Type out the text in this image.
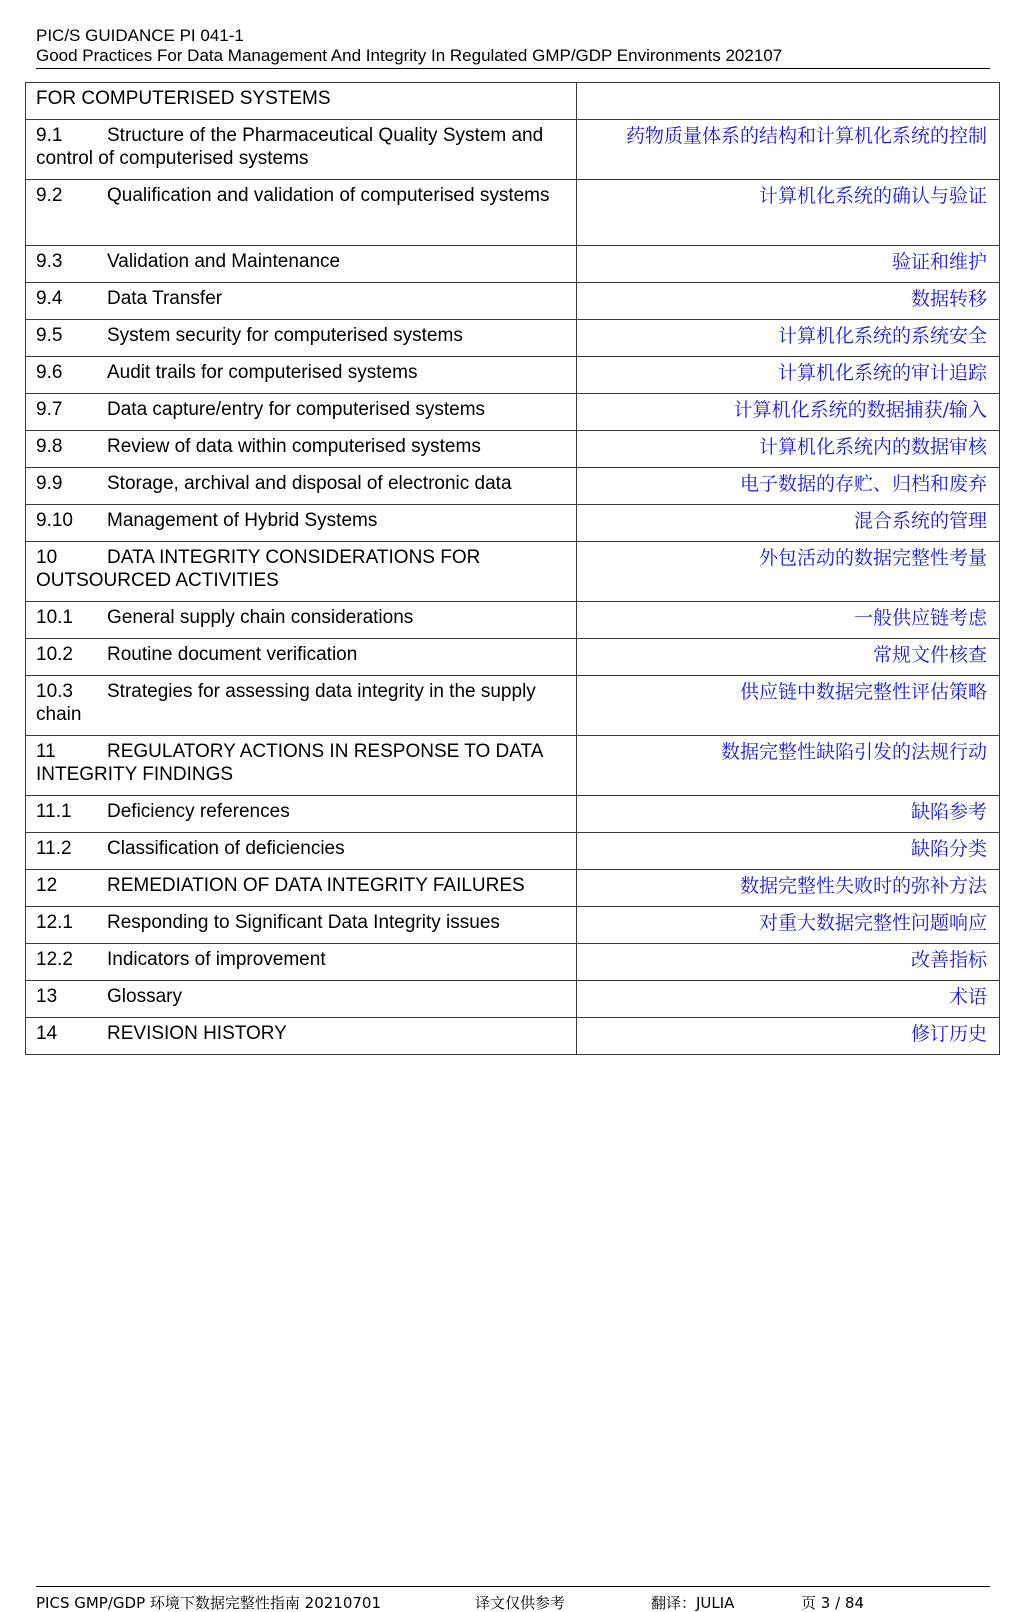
PIC/S GUIDANCE PI 041-1
Good Practices For Data Management And Integrity In Regulated GMP/GDP Environments 202107
FOR COMPUTERISED SYSTEMS	
9.1 Structure of the Pharmaceutical Quality System and control of computerised systems	药物质量体系的结构和计算机化系统的控制
9.2 Qualification and validation of computerised systems	计算机化系统的确认与验证
9.3 Validation and Maintenance	验证和维护
9.4 Data Transfer	数据转移
9.5 System security for computerised systems	计算机化系统的系统安全
9.6 Audit trails for computerised systems	计算机化系统的审计追踪
9.7 Data capture/entry for computerised systems	计算机化系统的数据捕获/输入
9.8 Review of data within computerised systems	计算机化系统内的数据审核
9.9 Storage, archival and disposal of electronic data	电子数据的存贮、归档和废弃
9.10 Management of Hybrid Systems	混合系统的管理
10 DATA INTEGRITY CONSIDERATIONS FOR OUTSOURCED ACTIVITIES	外包活动的数据完整性考量
10.1 General supply chain considerations	一般供应链考虑
10.2 Routine document verification	常规文件核查
10.3 Strategies for assessing data integrity in the supply chain	供应链中数据完整性评估策略
11 REGULATORY ACTIONS IN RESPONSE TO DATA INTEGRITY FINDINGS	数据完整性缺陷引发的法规行动
11.1 Deficiency references	缺陷参考
11.2 Classification of deficiencies	缺陷分类
12 REMEDIATION OF DATA INTEGRITY FAILURES	数据完整性失败时的弥补方法
12.1 Responding to Significant Data Integrity issues	对重大数据完整性问题响应
12.2 Indicators of improvement	改善指标
13 Glossary	术语
14 REVISION HISTORY	修订历史
PICS GMP/GDP 环境下数据完整性指南 20210701	译文仅供参考	翻译：JULIA	页 3 / 84
